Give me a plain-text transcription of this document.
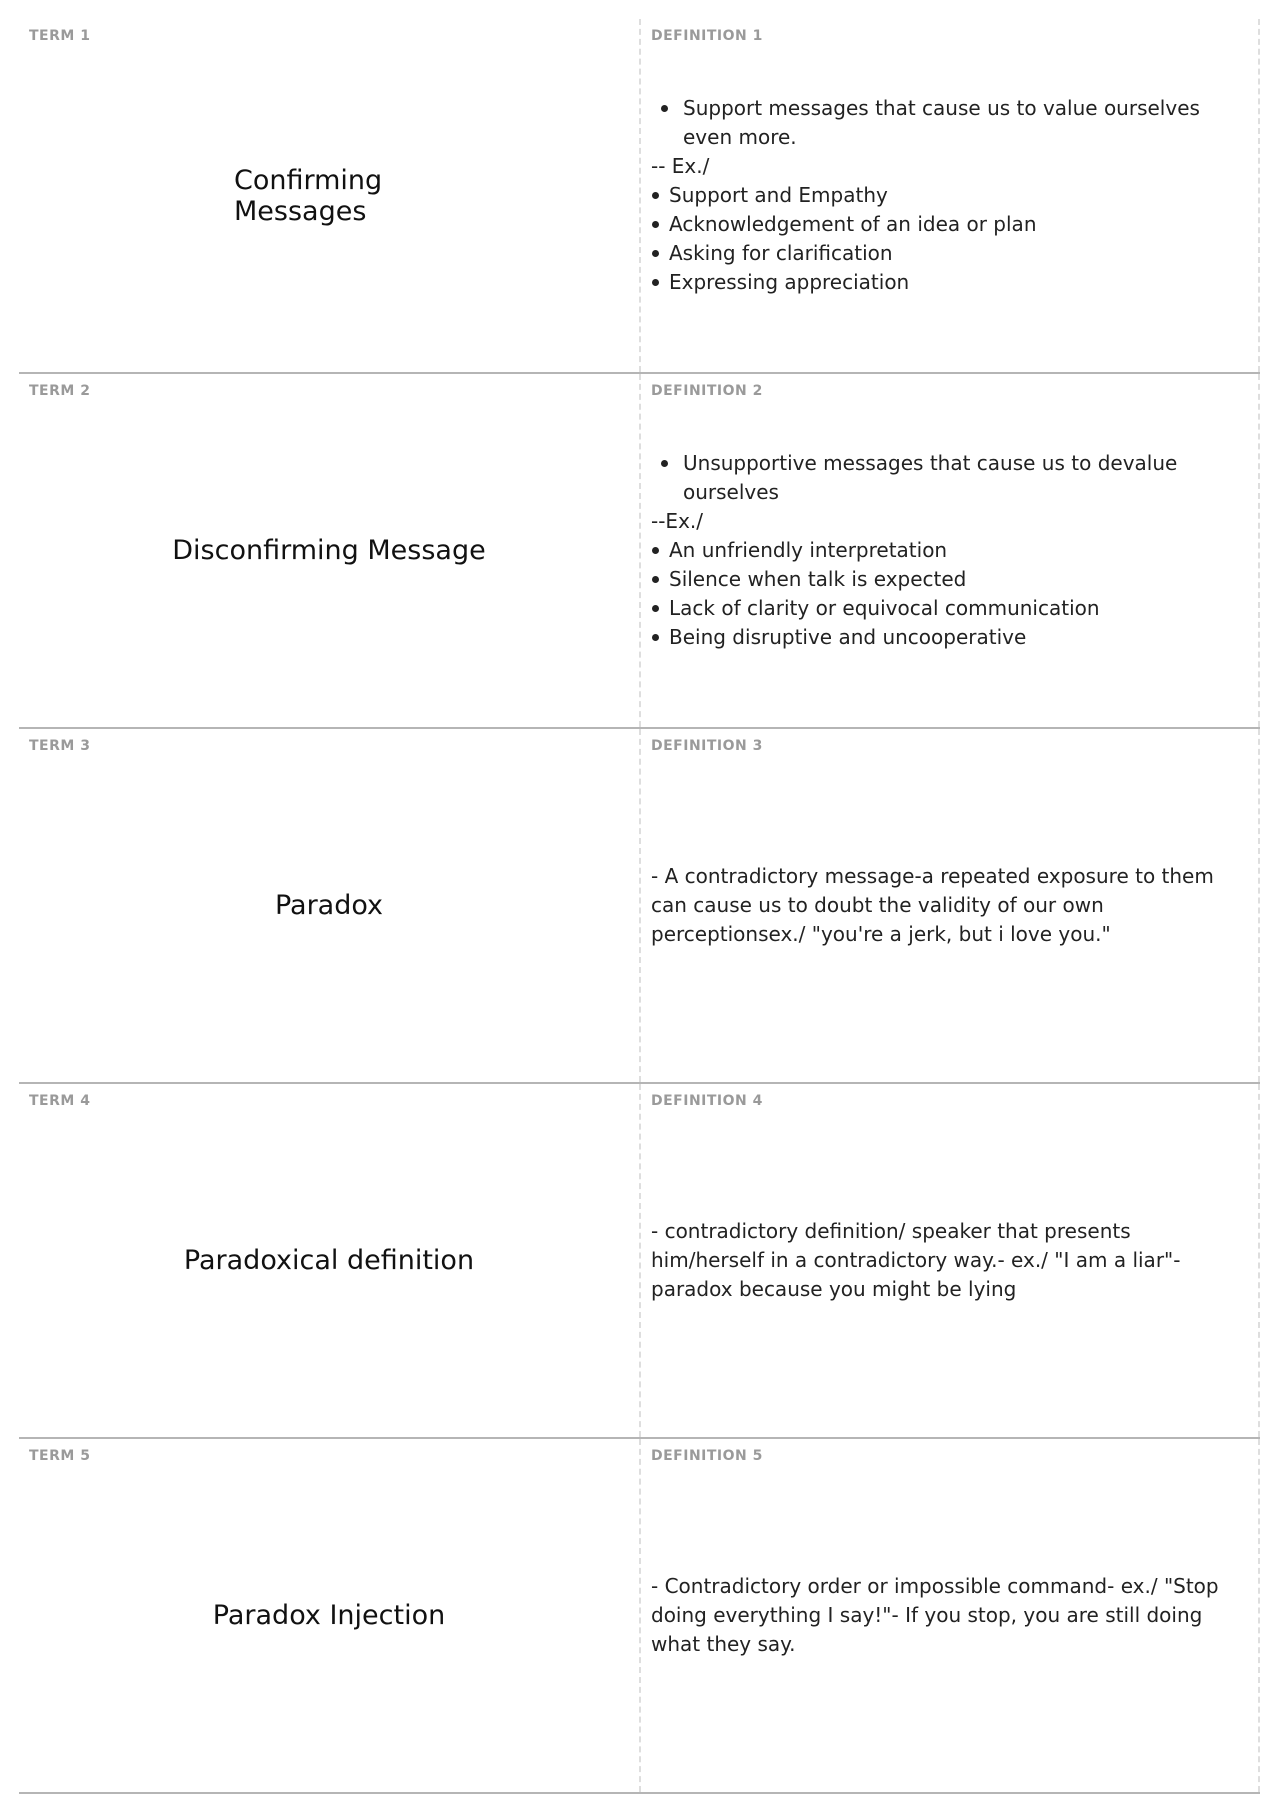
TERM 1
Confirming Messages
DEFINITION 1
Support messages that cause us to value ourselves even more.

-- Ex./

Support and Empathy
Acknowledgement of an idea or plan
Asking for clarification
Expressing appreciation
TERM 2
Disconfirming Message
DEFINITION 2
Unsupportive messages that cause us to devalue ourselves

--Ex./

An unfriendly interpretation
Silence when talk is expected
Lack of clarity or equivocal communication
Being disruptive and uncooperative
TERM 3
Paradox
DEFINITION 3

- A contradictory message-a repeated exposure to them can cause us to doubt the validity of our own perceptionsex./ "you're a jerk, but i love you."

TERM 4
Paradoxical definition
DEFINITION 4

- contradictory definition/ speaker that presents him/herself in a contradictory way.- ex./ "I am a liar"- paradox because you might be lying

TERM 5
Paradox Injection
DEFINITION 5

- Contradictory order or impossible command- ex./ "Stop doing everything I say!"- If you stop, you are still doing what they say.
